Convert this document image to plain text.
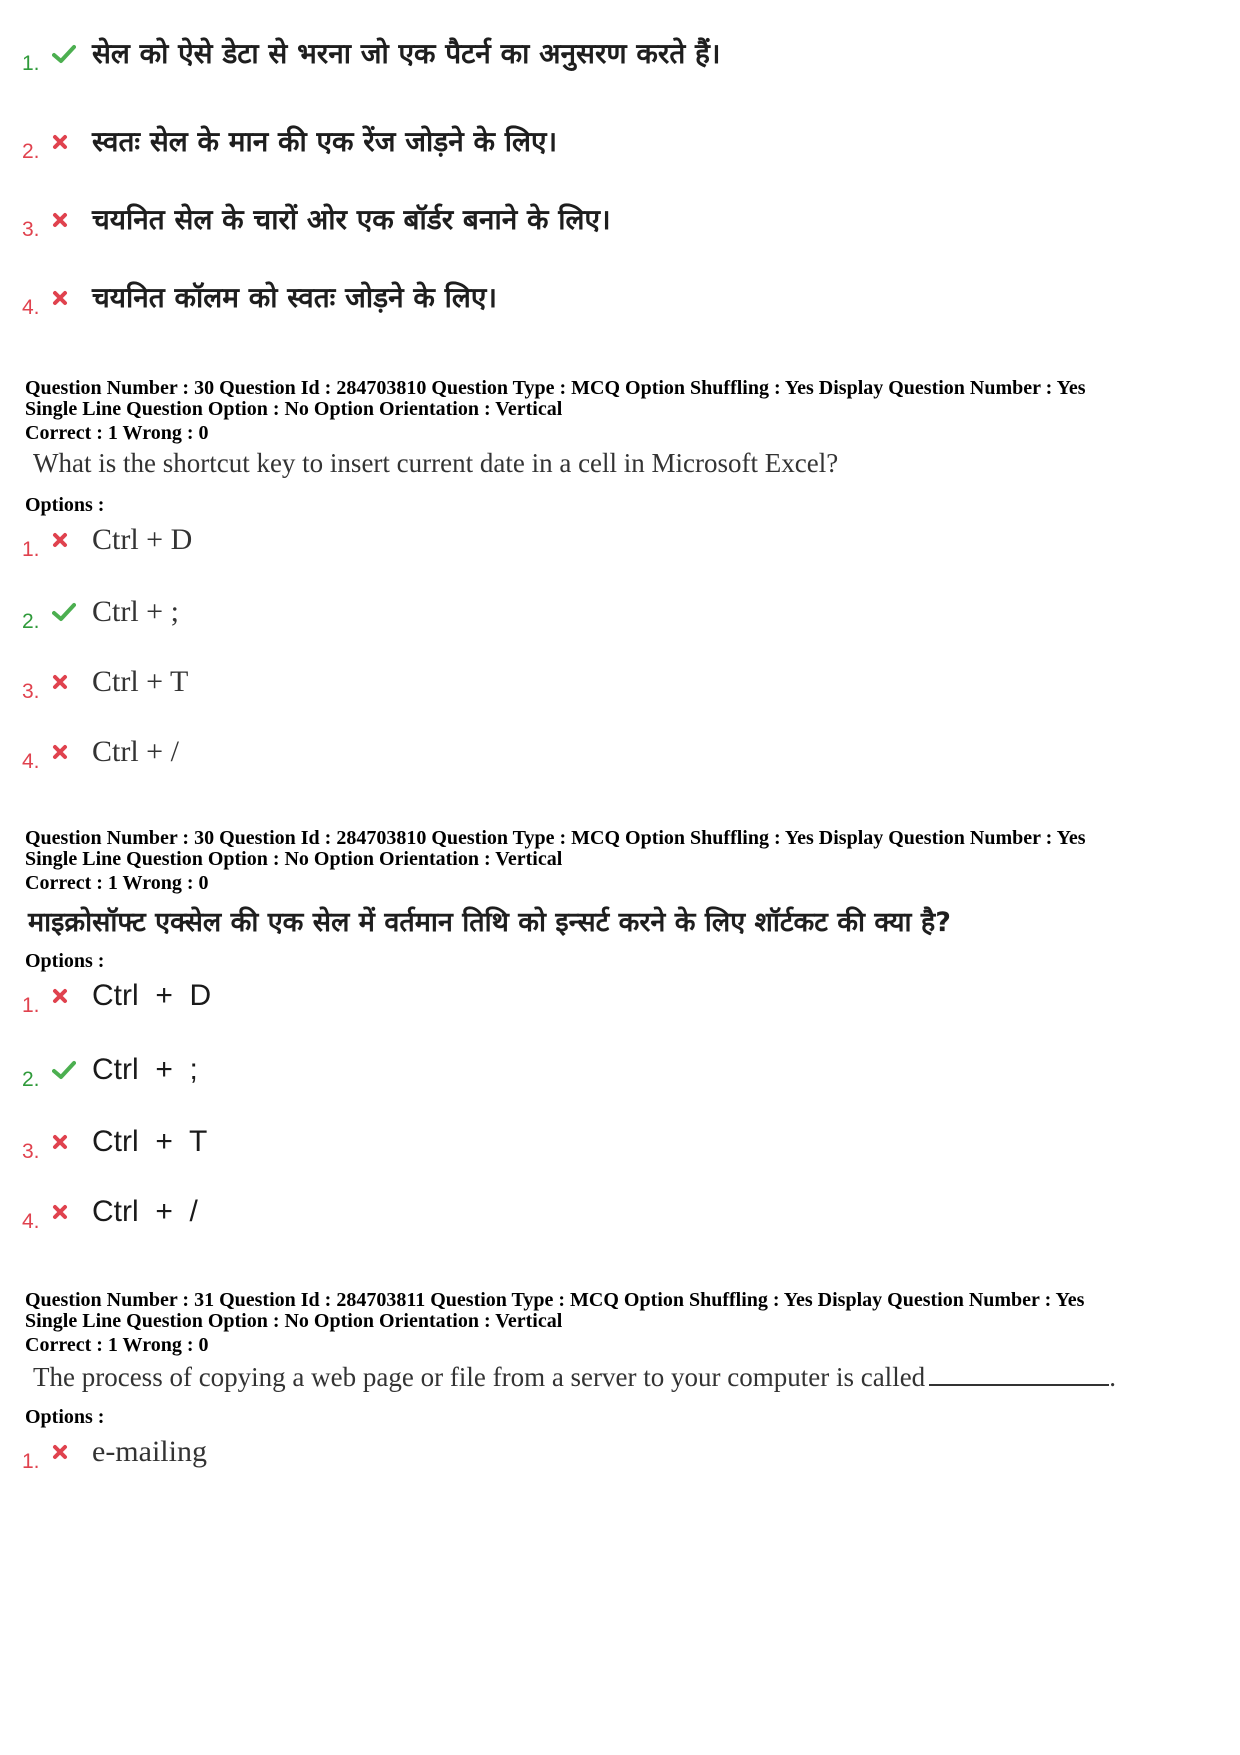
1.	सेल को ऐसे डेटा से भरना जो एक पैटर्न का अनुसरण करते हैं।
2.	स्वतः सेल के मान की एक रेंज जोड़ने के लिए।
3.	चयनित सेल के चारों ओर एक बॉर्डर बनाने के लिए।
4.	चयनित कॉलम को स्वतः जोड़ने के लिए।
Question Number : 30 Question Id : 284703810 Question Type : MCQ Option Shuffling : Yes Display Question Number : Yes
Single Line Question Option : No Option Orientation : Vertical
Correct : 1 Wrong : 0
What is the shortcut key to insert current date in a cell in Microsoft Excel?
Options :
1.	Ctrl + D
2.	Ctrl + ;
3.	Ctrl + T
4.	Ctrl + /
Question Number : 30 Question Id : 284703810 Question Type : MCQ Option Shuffling : Yes Display Question Number : Yes
Single Line Question Option : No Option Orientation : Vertical
Correct : 1 Wrong : 0
माइक्रोसॉफ्ट एक्सेल की एक सेल में वर्तमान तिथि को इन्सर्ट करने के लिए शॉर्टकट की क्या है?
Options :
1.	Ctrl  +  D
2.	Ctrl  +  ;
3.	Ctrl  +  T
4.	Ctrl  +  /
Question Number : 31 Question Id : 284703811 Question Type : MCQ Option Shuffling : Yes Display Question Number : Yes
Single Line Question Option : No Option Orientation : Vertical
Correct : 1 Wrong : 0
The process of copying a web page or file from a server to your computer is called	.
Options :
1.	e-mailing
